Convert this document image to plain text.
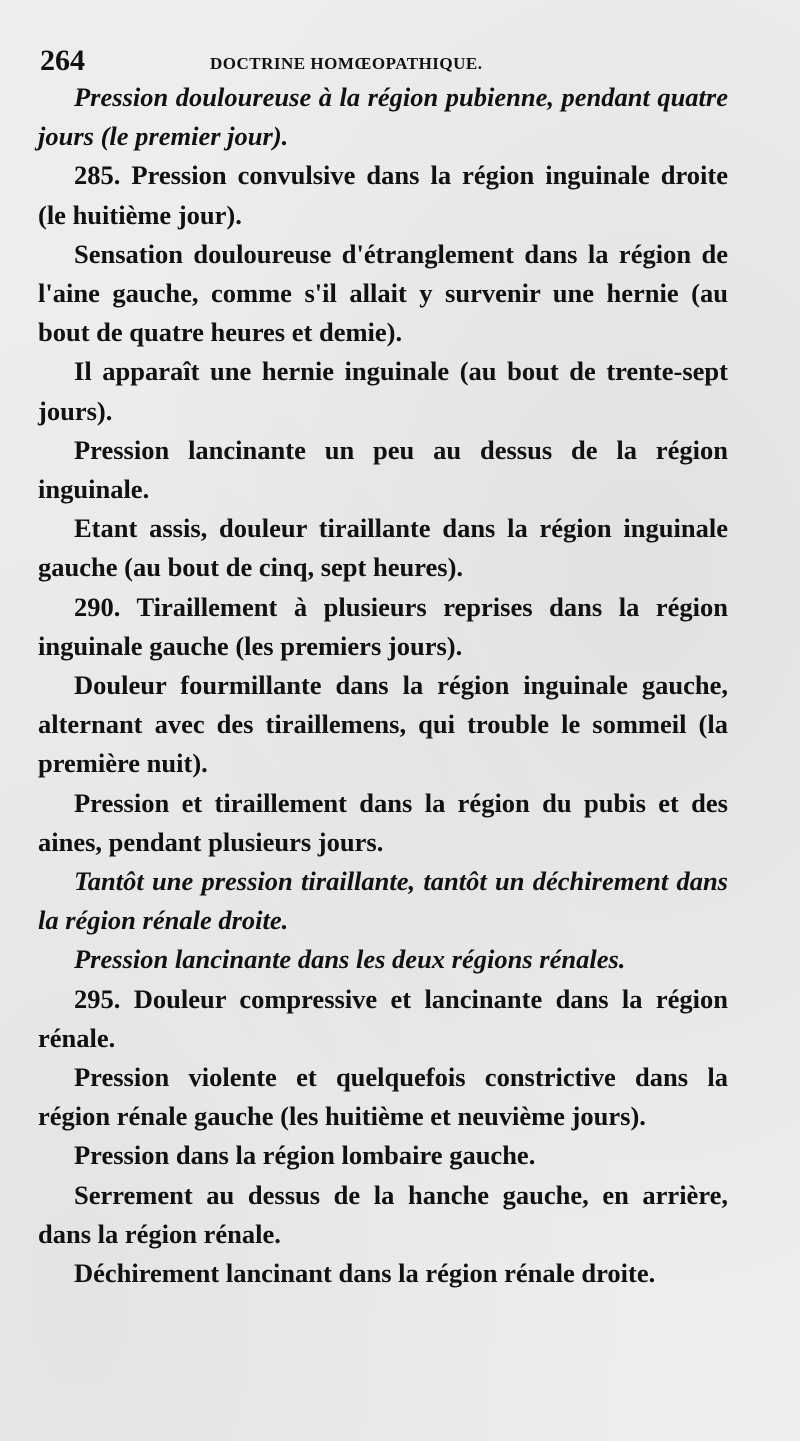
264	DOCTRINE HOMŒOPATHIQUE.

Pression douloureuse à la région pubienne, pendant quatre jours (le premier jour).

285. Pression convulsive dans la région inguinale droite (le huitième jour).

Sensation douloureuse d'étranglement dans la région de l'aine gauche, comme s'il allait y survenir une hernie (au bout de quatre heures et demie).

Il apparaît une hernie inguinale (au bout de trente-sept jours).

Pression lancinante un peu au dessus de la région inguinale.

Etant assis, douleur tiraillante dans la région inguinale gauche (au bout de cinq, sept heures).

290. Tiraillement à plusieurs reprises dans la région inguinale gauche (les premiers jours).

Douleur fourmillante dans la région inguinale gauche, alternant avec des tiraillemens, qui trouble le sommeil (la première nuit).

Pression et tiraillement dans la région du pubis et des aines, pendant plusieurs jours.

Tantôt une pression tiraillante, tantôt un déchirement dans la région rénale droite.

Pression lancinante dans les deux régions rénales.

295. Douleur compressive et lancinante dans la région rénale.

Pression violente et quelquefois constrictive dans la région rénale gauche (les huitième et neuvième jours).

Pression dans la région lombaire gauche.

Serrement au dessus de la hanche gauche, en arrière, dans la région rénale.

Déchirement lancinant dans la région rénale droite.
